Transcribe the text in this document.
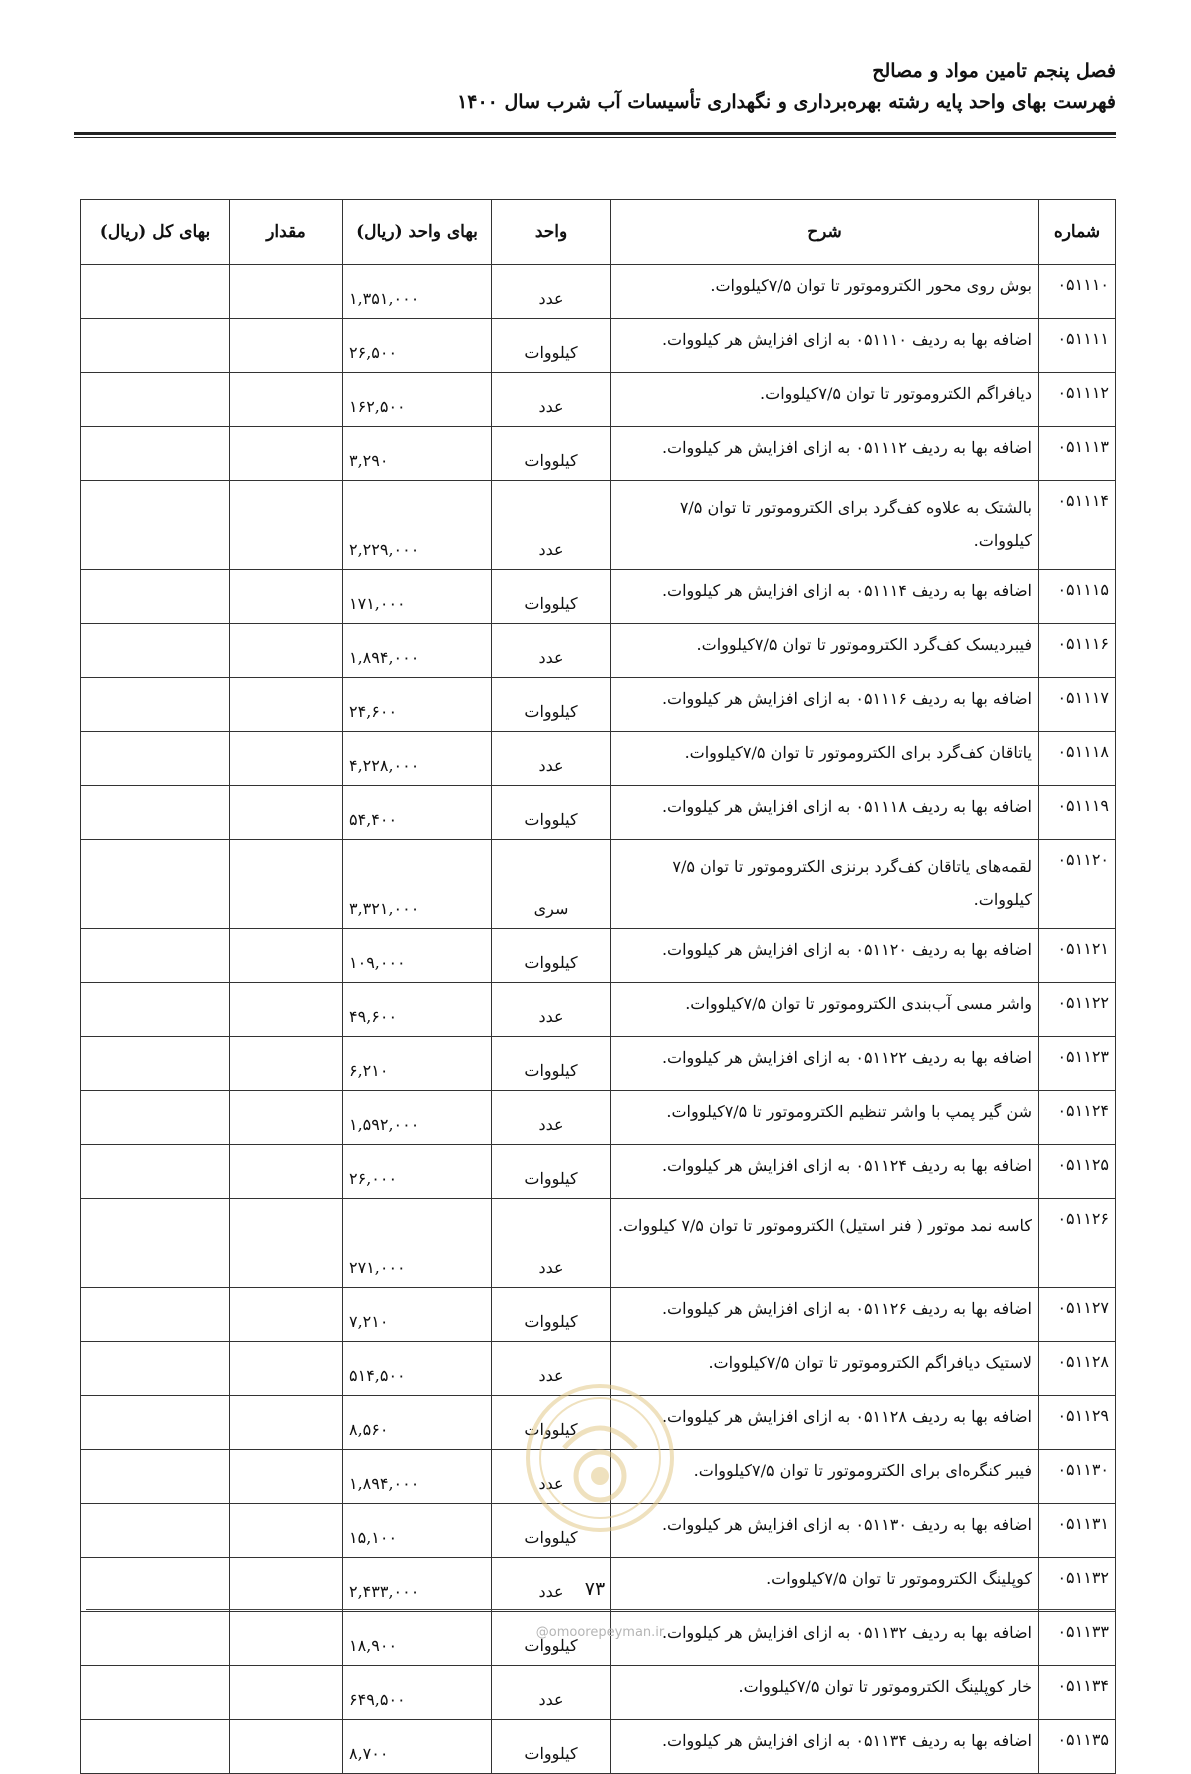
فصل پنجم تامین مواد و مصالح
فهرست بهای واحد پایه رشته بهره‌برداری و نگهداری تأسیسات آب شرب سال ۱۴۰۰
شماره	شرح	واحد	بهای واحد (ریال)	مقدار	بهای کل (ریال)
۰۵۱۱۱۰	بوش روی محور الکتروموتور تا توان ۷/۵کیلووات.	عدد	۱,۳۵۱,۰۰۰		
۰۵۱۱۱۱	اضافه بها به ردیف ۰۵۱۱۱۰ به ازای افزایش هر کیلووات.	کیلووات	۲۶,۵۰۰		
۰۵۱۱۱۲	دیافراگم الکتروموتور تا توان ۷/۵کیلووات.	عدد	۱۶۲,۵۰۰		
۰۵۱۱۱۳	اضافه بها به ردیف ۰۵۱۱۱۲ به ازای افزایش هر کیلووات.	کیلووات	۳,۲۹۰		
۰۵۱۱۱۴	بالشتک به علاوه کف‌گرد برای الکتروموتور تا توان ۷/۵ کیلووات.	عدد	۲,۲۲۹,۰۰۰		
۰۵۱۱۱۵	اضافه بها به ردیف ۰۵۱۱۱۴ به ازای افزایش هر کیلووات.	کیلووات	۱۷۱,۰۰۰		
۰۵۱۱۱۶	فیبردیسک کف‌گرد الکتروموتور تا توان ۷/۵کیلووات.	عدد	۱,۸۹۴,۰۰۰		
۰۵۱۱۱۷	اضافه بها به ردیف ۰۵۱۱۱۶ به ازای افزایش هر کیلووات.	کیلووات	۲۴,۶۰۰		
۰۵۱۱۱۸	یاتاقان کف‌گرد برای الکتروموتور تا توان ۷/۵کیلووات.	عدد	۴,۲۲۸,۰۰۰		
۰۵۱۱۱۹	اضافه بها به ردیف ۰۵۱۱۱۸ به ازای افزایش هر کیلووات.	کیلووات	۵۴,۴۰۰		
۰۵۱۱۲۰	لقمه‌های یاتاقان کف‌گرد برنزی الکتروموتور تا توان ۷/۵ کیلووات.	سری	۳,۳۲۱,۰۰۰		
۰۵۱۱۲۱	اضافه بها به ردیف ۰۵۱۱۲۰ به ازای افزایش هر کیلووات.	کیلووات	۱۰۹,۰۰۰		
۰۵۱۱۲۲	واشر مسی آب‌بندی الکتروموتور تا توان ۷/۵کیلووات.	عدد	۴۹,۶۰۰		
۰۵۱۱۲۳	اضافه بها به ردیف ۰۵۱۱۲۲ به ازای افزایش هر کیلووات.	کیلووات	۶,۲۱۰		
۰۵۱۱۲۴	شن گیر پمپ با واشر تنظیم الکتروموتور تا ۷/۵کیلووات.	عدد	۱,۵۹۲,۰۰۰		
۰۵۱۱۲۵	اضافه بها به ردیف ۰۵۱۱۲۴ به ازای افزایش هر کیلووات.	کیلووات	۲۶,۰۰۰		
۰۵۱۱۲۶	کاسه نمد موتور ( فنر استیل) الکتروموتور تا توان ۷/۵ کیلووات.	عدد	۲۷۱,۰۰۰		
۰۵۱۱۲۷	اضافه بها به ردیف ۰۵۱۱۲۶ به ازای افزایش هر کیلووات.	کیلووات	۷,۲۱۰		
۰۵۱۱۲۸	لاستیک دیافراگم الکتروموتور تا توان ۷/۵کیلووات.	عدد	۵۱۴,۵۰۰		
۰۵۱۱۲۹	اضافه بها به ردیف ۰۵۱۱۲۸ به ازای افزایش هر کیلووات.	کیلووات	۸,۵۶۰		
۰۵۱۱۳۰	فیبر کنگره‌ای برای الکتروموتور تا توان ۷/۵کیلووات.	عدد	۱,۸۹۴,۰۰۰		
۰۵۱۱۳۱	اضافه بها به ردیف ۰۵۱۱۳۰ به ازای افزایش هر کیلووات.	کیلووات	۱۵,۱۰۰		
۰۵۱۱۳۲	کوپلینگ الکتروموتور تا توان ۷/۵کیلووات.	عدد	۲,۴۳۳,۰۰۰		
۰۵۱۱۳۳	اضافه بها به ردیف ۰۵۱۱۳۲ به ازای افزایش هر کیلووات.	کیلووات	۱۸,۹۰۰		
۰۵۱۱۳۴	خار کوپلینگ الکتروموتور تا توان ۷/۵کیلووات.	عدد	۶۴۹,۵۰۰		
۰۵۱۱۳۵	اضافه بها به ردیف ۰۵۱۱۳۴ به ازای افزایش هر کیلووات.	کیلووات	۸,۷۰۰		
۷۳
@omoorepeyman.ir
